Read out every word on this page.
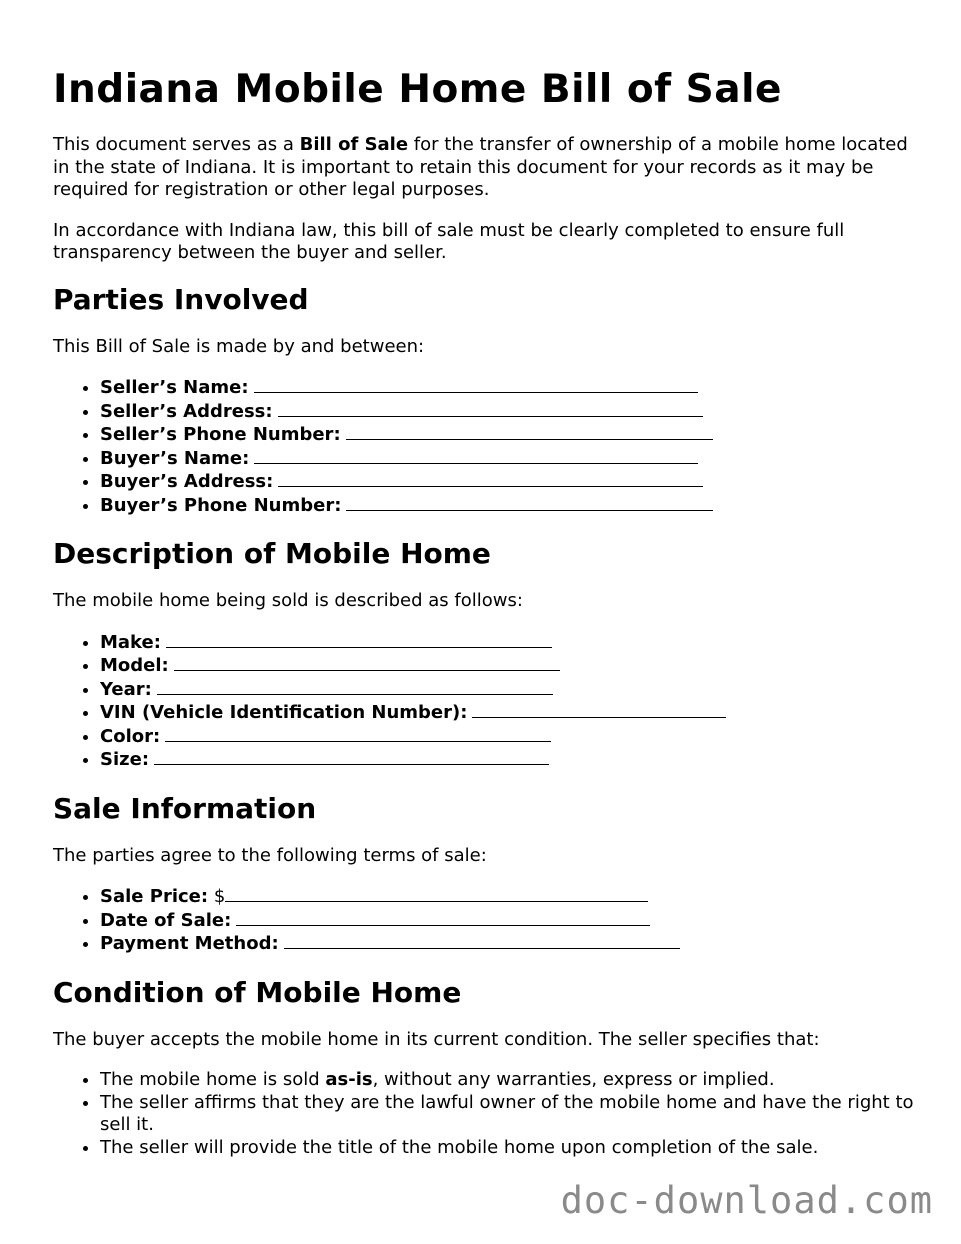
Indiana Mobile Home Bill of Sale

This document serves as a Bill of Sale for the transfer of ownership of a mobile home located in the state of Indiana. It is important to retain this document for your records as it may be required for registration or other legal purposes.

In accordance with Indiana law, this bill of sale must be clearly completed to ensure full transparency between the buyer and seller.

Parties Involved

This Bill of Sale is made by and between:

• Seller’s Name:
• Seller’s Address:
• Seller’s Phone Number:
• Buyer’s Name:
• Buyer’s Address:
• Buyer’s Phone Number:
Description of Mobile Home

The mobile home being sold is described as follows:

• Make:
• Model:
• Year:
• VIN (Vehicle Identification Number):
• Color:
• Size:
Sale Information

The parties agree to the following terms of sale:

• Sale Price: $
• Date of Sale:
• Payment Method:
Condition of Mobile Home

The buyer accepts the mobile home in its current condition. The seller specifies that:

• The mobile home is sold as-is, without any warranties, express or implied.
• The seller affirms that they are the lawful owner of the mobile home and have the right to sell it.
• The seller will provide the title of the mobile home upon completion of the sale.
doc-download.com
